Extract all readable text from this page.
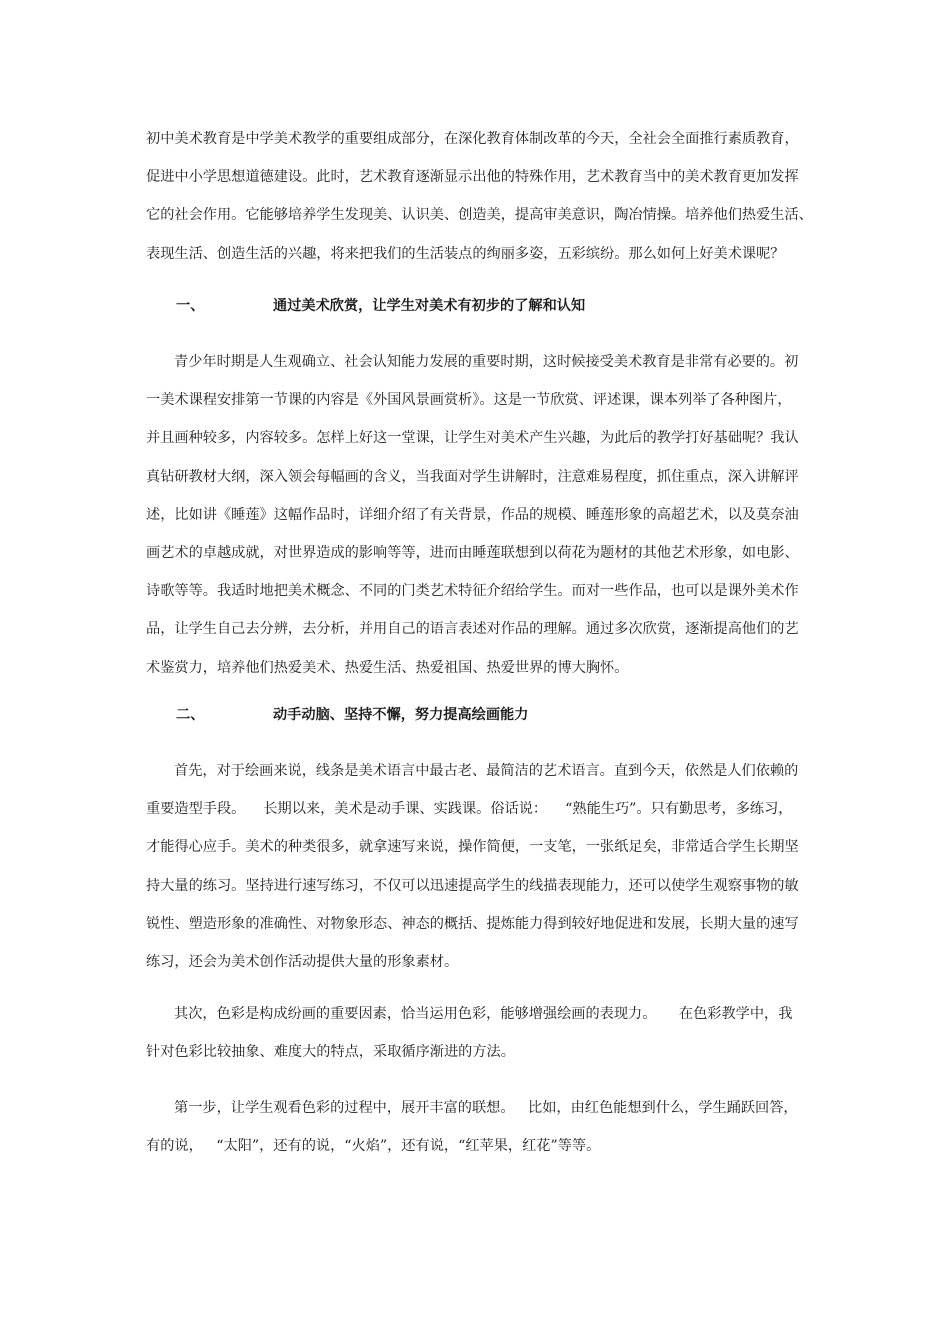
初中美术教育是中学美术教学的重要组成部分，在深化教育体制改革的今天，全社会全面推行素质教育，
促进中小学思想道德建设。此时，艺术教育逐渐显示出他的特殊作用，艺术教育当中的美术教育更加发挥
它的社会作用。它能够培养学生发现美、认识美、创造美，提高审美意识，陶冶情操。培养他们热爱生活、
表现生活、创造生活的兴趣，将来把我们的生活装点的绚丽多姿，五彩缤纷。那么如何上好美术课呢？
一、	通过美术欣赏，让学生对美术有初步的了解和认知
青少年时期是人生观确立、社会认知能力发展的重要时期，这时候接受美术教育是非常有必要的。初
一美术课程安排第一节课的内容是《外国风景画赏析》。这是一节欣赏、评述课，课本列举了各种图片，
并且画种较多，内容较多。怎样上好这一堂课，让学生对美术产生兴趣，为此后的教学打好基础呢？我认
真钻研教材大纲，深入领会每幅画的含义，当我面对学生讲解时，注意难易程度，抓住重点，深入讲解评
述，比如讲《睡莲》这幅作品时，详细介绍了有关背景，作品的规模、睡莲形象的高超艺术，以及莫奈油
画艺术的卓越成就，对世界造成的影响等等，进而由睡莲联想到以荷花为题材的其他艺术形象，如电影、
诗歌等等。我适时地把美术概念、不同的门类艺术特征介绍给学生。而对一些作品，也可以是课外美术作
品，让学生自己去分辨，去分析，并用自己的语言表述对作品的理解。通过多次欣赏，逐渐提高他们的艺
术鉴赏力，培养他们热爱美术、热爱生活、热爱祖国、热爱世界的博大胸怀。
二、	动手动脑、坚持不懈，努力提高绘画能力
首先，对于绘画来说，线条是美术语言中最古老、最简洁的艺术语言。直到今天，依然是人们依赖的
重要造型手段。    长期以来，美术是动手课、实践课。俗话说：    “熟能生巧”。只有勤思考，多练习，
才能得心应手。美术的种类很多，就拿速写来说，操作简便，一支笔，一张纸足矣，非常适合学生长期坚
持大量的练习。坚持进行速写练习，不仅可以迅速提高学生的线描表现能力，还可以使学生观察事物的敏
锐性、塑造形象的准确性、对物象形态、神态的概括、提炼能力得到较好地促进和发展，长期大量的速写
练习，还会为美术创作活动提供大量的形象素材。
其次，色彩是构成纷画的重要因素，恰当运用色彩，能够增强绘画的表现力。     在色彩教学中，我
针对色彩比较抽象、难度大的特点，采取循序渐进的方法。
第一步，让学生观看色彩的过程中，展开丰富的联想。   比如，由红色能想到什么，学生踊跃回答，
有的说，   “太阳”，还有的说，“火焰”，还有说，“红苹果，红花”等等。
